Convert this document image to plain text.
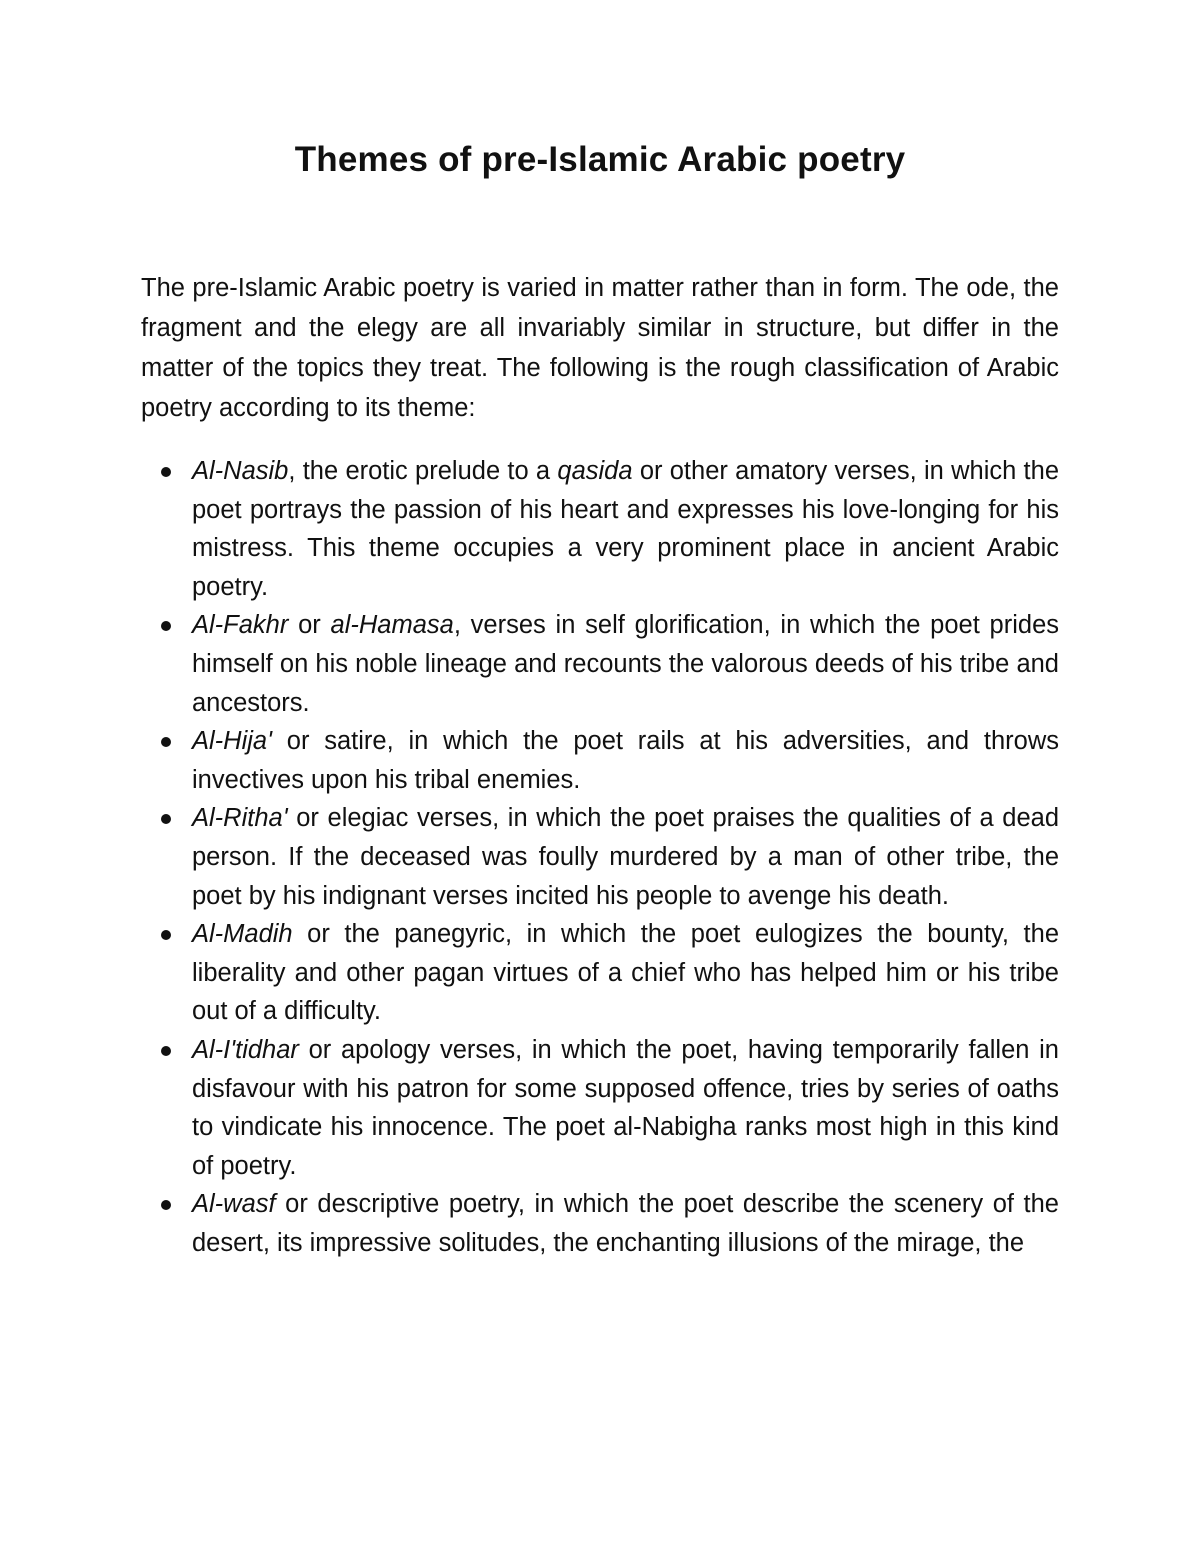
Themes of pre-Islamic Arabic poetry

The pre-Islamic Arabic poetry is varied in matter rather than in form. The ode, the fragment and the elegy are all invariably similar in structure, but differ in the matter of the topics they treat. The following is the rough classification of Arabic poetry according to its theme:

Al-Nasib, the erotic prelude to a qasida or other amatory verses, in which the poet portrays the passion of his heart and expresses his love-longing for his mistress. This theme occupies a very prominent place in ancient Arabic poetry.
Al-Fakhr or al-Hamasa, verses in self glorification, in which the poet prides himself on his noble lineage and recounts the valorous deeds of his tribe and ancestors.
Al-Hija' or satire, in which the poet rails at his adversities, and throws invectives upon his tribal enemies.
Al-Ritha' or elegiac verses, in which the poet praises the qualities of a dead person. If the deceased was foully murdered by a man of other tribe, the poet by his indignant verses incited his people to avenge his death.
Al-Madih or the panegyric, in which the poet eulogizes the bounty, the liberality and other pagan virtues of a chief who has helped him or his tribe out of a difficulty.
Al-I'tidhar or apology verses, in which the poet, having temporarily fallen in disfavour with his patron for some supposed offence, tries by series of oaths to vindicate his innocence. The poet al-Nabigha ranks most high in this kind of poetry.
Al-wasf or descriptive poetry, in which the poet describe the scenery of the desert, its impressive solitudes, the enchanting illusions of the mirage, the
